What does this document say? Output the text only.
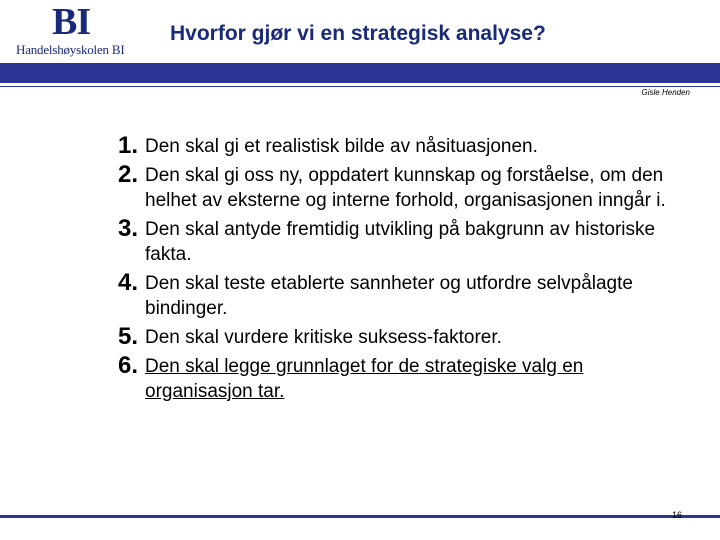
BI
Handelshøyskolen BI
Hvorfor gjør vi en strategisk analyse?
Gisle Henden
1. Den skal gi et realistisk bilde av nåsituasjonen.
2. Den skal gi oss ny, oppdatert kunnskap og forståelse, om den helhet av eksterne og interne forhold, organisasjonen inngår i.
3. Den skal antyde fremtidig utvikling på bakgrunn av historiske fakta.
4. Den skal teste etablerte sannheter og utfordre selvpålagte bindinger.
5. Den skal vurdere kritiske suksess-faktorer.
6. Den skal legge grunnlaget for de strategiske valg en organisasjon tar.
16
